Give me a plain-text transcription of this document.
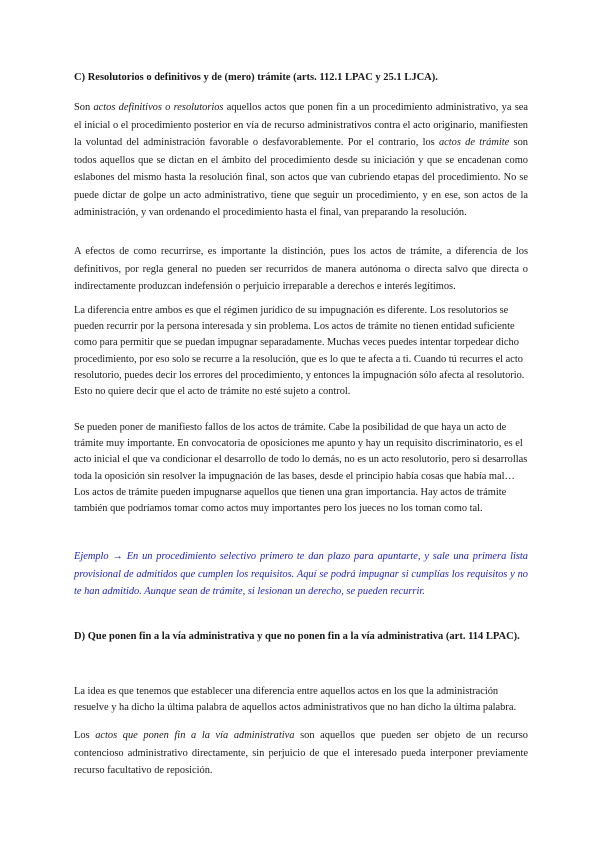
C) Resolutorios o definitivos y de (mero) trámite (arts. 112.1 LPAC y 25.1 LJCA).
Son actos definitivos o resolutorios aquellos actos que ponen fin a un procedimiento administrativo, ya sea el inicial o el procedimiento posterior en vía de recurso administrativos contra el acto originario, manifiesten la voluntad del administración favorable o desfavorablemente. Por el contrario, los actos de trámite son todos aquellos que se dictan en el ámbito del procedimiento desde su iniciación y que se encadenan como eslabones del mismo hasta la resolución final, son actos que van cubriendo etapas del procedimiento. No se puede dictar de golpe un acto administrativo, tiene que seguir un procedimiento, y en ese, son actos de la administración, y van ordenando el procedimiento hasta el final, van preparando la resolución.
A efectos de como recurrirse, es importante la distinción, pues los actos de trámite, a diferencia de los definitivos, por regla general no pueden ser recurridos de manera autónoma o directa salvo que directa o indirectamente produzcan indefensión o perjuicio irreparable a derechos e interés legítimos.
La diferencia entre ambos es que el régimen jurídico de su impugnación es diferente. Los resolutorios se pueden recurrir por la persona interesada y sin problema. Los actos de trámite no tienen entidad suficiente como para permitir que se puedan impugnar separadamente. Muchas veces puedes intentar torpedear dicho procedimiento, por eso solo se recurre a la resolución, que es lo que te afecta a ti. Cuando tú recurres el acto resolutorio, puedes decir los errores del procedimiento, y entonces la impugnación sólo afecta al resolutorio. Esto no quiere decir que el acto de trámite no esté sujeto a control.
Se pueden poner de manifiesto fallos de los actos de trámite. Cabe la posibilidad de que haya un acto de trámite muy importante. En convocatoria de oposiciones me apunto y hay un requisito discriminatorio, es el acto inicial el que va condicionar el desarrollo de todo lo demás, no es un acto resolutorio, pero si desarrollas toda la oposición sin resolver la impugnación de las bases, desde el principio había cosas que había mal… Los actos de trámite pueden impugnarse aquellos que tienen una gran importancia. Hay actos de trámite también que podríamos tomar como actos muy importantes pero los jueces no los toman como tal.
Ejemplo → En un procedimiento selectivo primero te dan plazo para apuntarte, y sale una primera lista provisional de admitidos que cumplen los requisitos. Aquí se podrá impugnar si cumplías los requisitos y no te han admitido. Aunque sean de trámite, si lesionan un derecho, se pueden recurrir.
D) Que ponen fin a la vía administrativa y que no ponen fin a la vía administrativa (art. 114 LPAC).
La idea es que tenemos que establecer una diferencia entre aquellos actos en los que la administración resuelve y ha dicho la última palabra de aquellos actos administrativos que no han dicho la última palabra.
Los actos que ponen fin a la vía administrativa son aquellos que pueden ser objeto de un recurso contencioso administrativo directamente, sin perjuicio de que el interesado pueda interponer previamente recurso facultativo de reposición.
